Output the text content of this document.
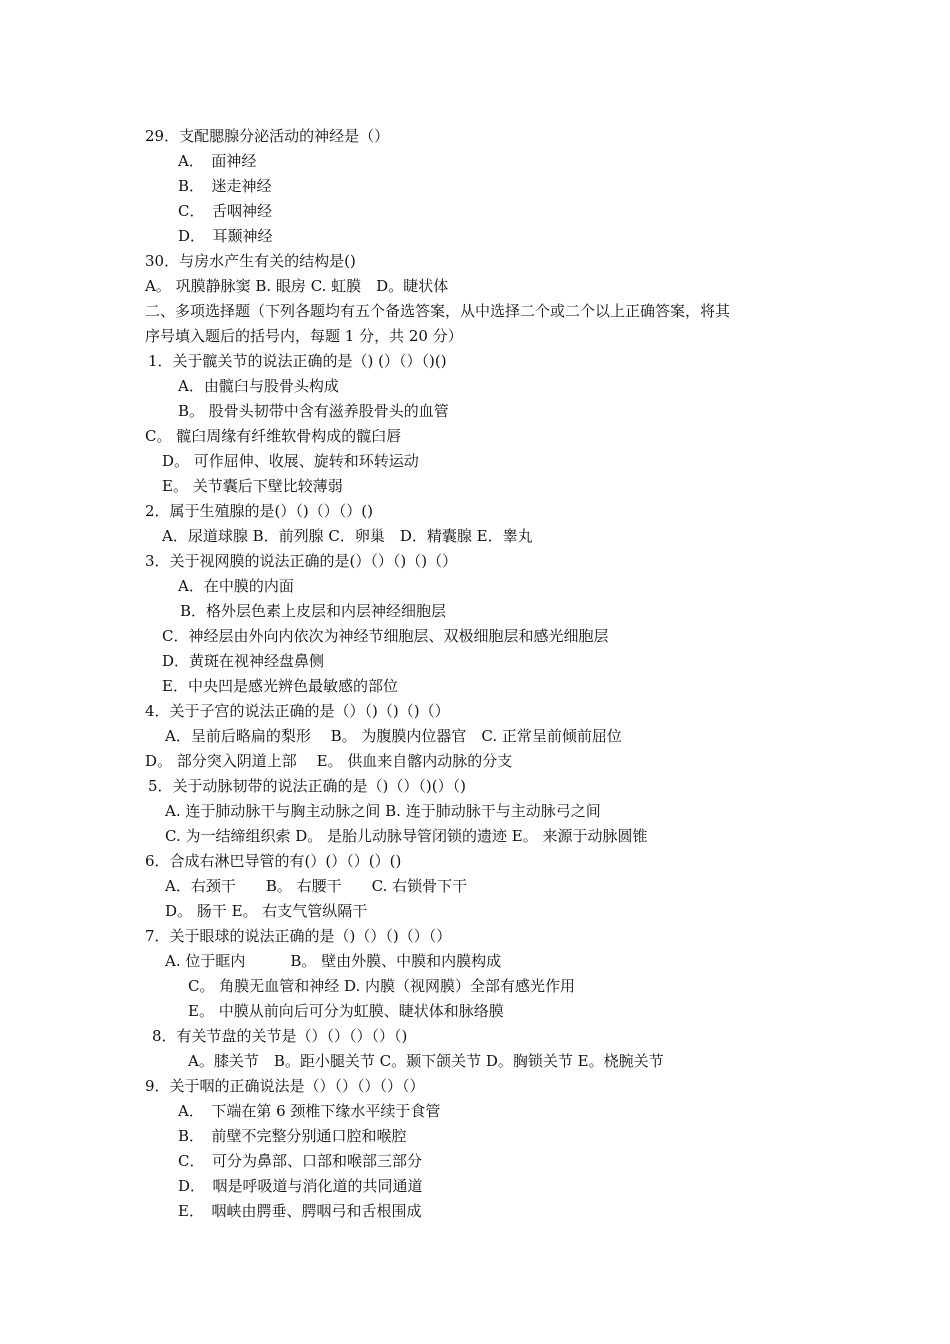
29．支配腮腺分泌活动的神经是（）
A．　面神经
B．　迷走神经
C．　舌咽神经
D．　耳颞神经
30．与房水产生有关的结构是()
A。 巩膜静脉窦 B. 眼房 C. 虹膜　D。睫状体
二、多项选择题（下列各题均有五个备选答案，从中选择二个或二个以上正确答案，将其
序号填入题后的括号内，每题 1 分，共 20 分）
1．关于髋关节的说法正确的是（) (）（）（)()
A．由髋臼与股骨头构成
B。 股骨头韧带中含有滋养股骨头的血管
C。 髋臼周缘有纤维软骨构成的髋臼唇
D。 可作屈伸、收展、旋转和环转运动
E。 关节囊后下壁比较薄弱
2．属于生殖腺的是(）（)（）（）()
A．尿道球腺 B．前列腺 C．卵巢　D．精囊腺 E．睾丸
3．关于视网膜的说法正确的是(）（）（)（)（）
A．在中膜的内面
B．格外层色素上皮层和内层神经细胞层
C．神经层由外向内依次为神经节细胞层、双极细胞层和感光细胞层
D．黄斑在视神经盘鼻侧
E．中央凹是感光辨色最敏感的部位
4．关于子宫的说法正确的是（）（)（)（)（）
A．呈前后略扁的梨形　 B。 为腹膜内位器官　C. 正常呈前倾前屈位
D。 部分突入阴道上部　 E。 供血来自髂内动脉的分支
5．关于动脉韧带的说法正确的是（)（）（)(）（)
A. 连于肺动脉干与胸主动脉之间 B. 连于肺动脉干与主动脉弓之间
C. 为一结缔组织索 D。 是胎儿动脉导管闭锁的遗迹 E。 来源于动脉圆锥
6．合成右淋巴导管的有(）(）（）(）()
A．右颈干　　B。 右腰干　　C. 右锁骨下干
D。 肠干 E。 右支气管纵隔干
7．关于眼球的说法正确的是（)（）（)（）（）
A. 位于眶内　　　B。 壁由外膜、中膜和内膜构成
C。 角膜无血管和神经 D. 内膜（视网膜）全部有感光作用
E。 中膜从前向后可分为虹膜、睫状体和脉络膜
8．有关节盘的关节是（）（）（）（）（)
A。膝关节　B。距小腿关节 C。颞下颌关节 D。胸锁关节 E。桡腕关节
9．关于咽的正确说法是（）（）（）（）（）
A．　下端在第 6 颈椎下缘水平续于食管
B．　前壁不完整分别通口腔和喉腔
C．　可分为鼻部、口部和喉部三部分
D．　咽是呼吸道与消化道的共同通道
E．　咽峡由腭垂、腭咽弓和舌根围成
